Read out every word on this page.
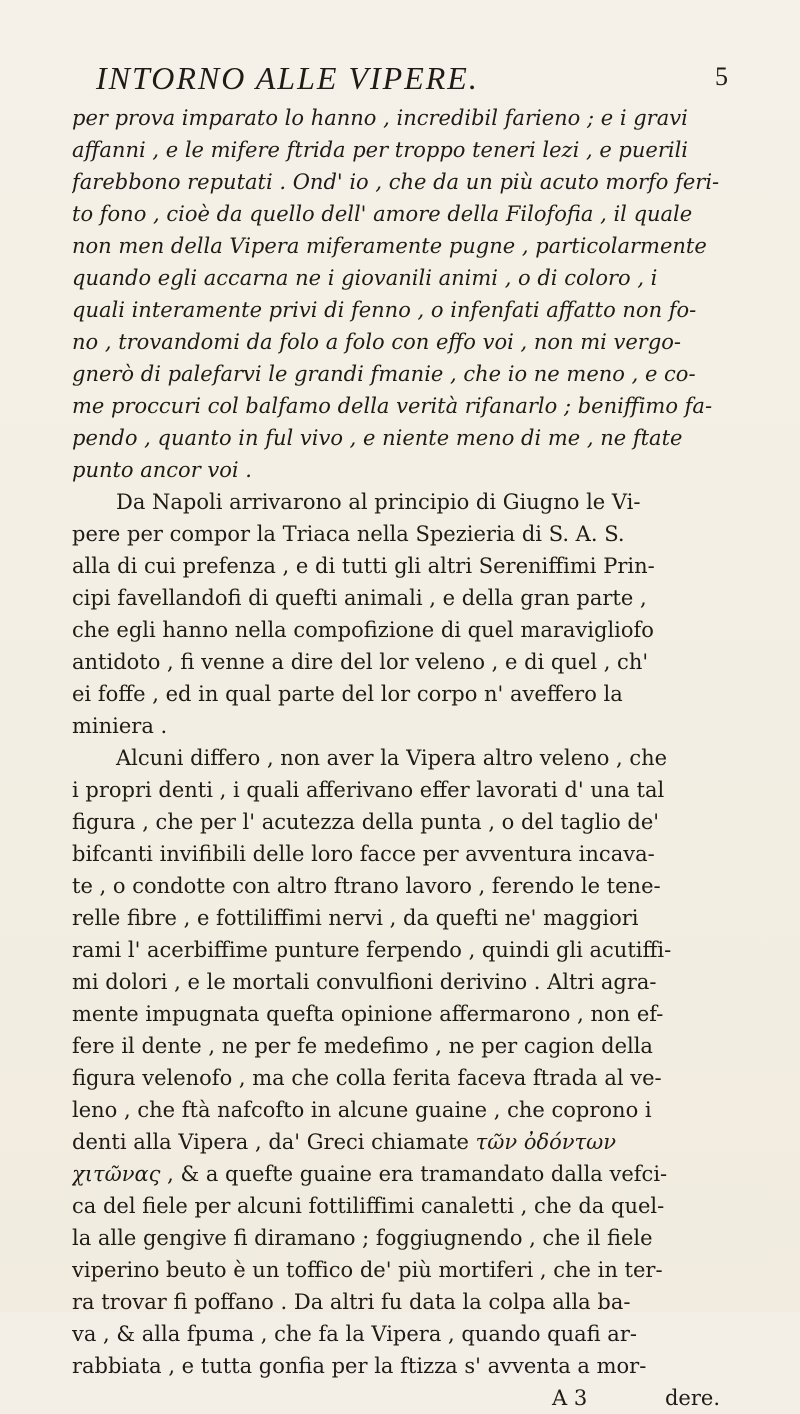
INTORNO ALLE VIPERE.	5
per prova imparato lo hanno , incredibil farieno ; e i gravi
affanni , e le mifere ftrida per troppo teneri lezi , e puerili
farebbono reputati . Ond' io , che da un più acuto morfo feri-
to fono , cioè da quello dell' amore della Filofofia , il quale
non men della Vipera miferamente pugne , particolarmente
quando egli accarna ne i giovanili animi , o di coloro , i
quali interamente privi di fenno , o infenfati affatto non fo-
no , trovandomi da folo a folo con effo voi , non mi vergo-
gnerò di palefarvi le grandi fmanie , che io ne meno , e co-
me proccuri col balfamo della verità rifanarlo ; beniffimo fa-
pendo , quanto in ful vivo , e niente meno di me , ne ftate
punto ancor voi .
Da Napoli arrivarono al principio di Giugno le Vi-
pere per compor la Triaca nella Spezieria di S. A. S.
alla di cui prefenza , e di tutti gli altri Sereniffimi Prin-
cipi favellandofi di quefti animali , e della gran parte ,
che egli hanno nella compofizione di quel maravigliofo
antidoto , fi venne a dire del lor veleno , e di quel , ch'
ei foffe , ed in qual parte del lor corpo n' aveffero la
miniera .
Alcuni differo , non aver la Vipera altro veleno , che
i propri denti , i quali afferivano effer lavorati d' una tal
figura , che per l' acutezza della punta , o del taglio de'
bifcanti invifibili delle loro facce per avventura incava-
te , o condotte con altro ftrano lavoro , ferendo le tene-
relle fibre , e fottiliffimi nervi , da quefti ne' maggiori
rami l' acerbiffime punture ferpendo , quindi gli acutiffi-
mi dolori , e le mortali convulfioni derivino . Altri agra-
mente impugnata quefta opinione affermarono , non ef-
fere il dente , ne per fe medefimo , ne per cagion della
figura velenofo , ma che colla ferita faceva ftrada al ve-
leno , che ftà nafcofto in alcune guaine , che coprono i
denti alla Vipera , da' Greci chiamate τῶν ὀδόντων
χιτῶνας , & a quefte guaine era tramandato dalla vefci-
ca del fiele per alcuni fottiliffimi canaletti , che da quel-
la alle gengive fi diramano ; foggiugnendo , che il fiele
viperino beuto è un toffico de' più mortiferi , che in ter-
ra trovar fi poffano . Da altri fu data la colpa alla ba-
va , & alla fpuma , che fa la Vipera , quando quafi ar-
rabbiata , e tutta gonfia per la ftizza s' avventa a mor-
A 3	dere.
